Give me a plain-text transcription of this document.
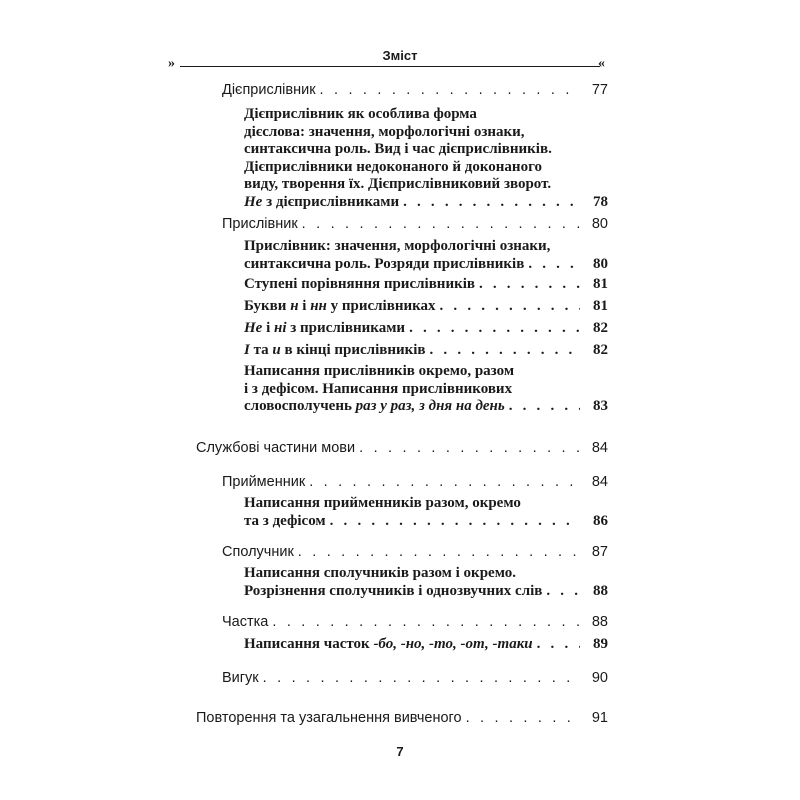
»
Зміст
«
Дієприслівник . . .	77
Дієприслівник як особлива форма
дієслова: значення, морфологічні ознаки,
синтаксична роль. Вид і час дієприслівників.
Дієприслівники недоконаного й доконаного
виду, творення їх. Дієприслівниковий зворот.
Не з дієприслівниками . . .	78
Прислівник . . .	80
Прислівник: значення, морфологічні ознаки,
синтаксична роль. Розряди прислівників . . .	80
Ступені порівняння прислівників . . .	81
Букви н і нн у прислівниках . . .	81
Не і ні з прислівниками . . .	82
І та и в кінці прислівників . . .	82
Написання прислівників окремо, разом
і з дефісом. Написання прислівникових
словосполучень раз у раз, з дня на день . . .	83
Службові частини мови . . .	84
Прийменник . . .	84
Написання прийменників разом, окремо
та з дефісом . . .	86
Сполучник . . .	87
Написання сполучників разом і окремо.
Розрізнення сполучників і однозвучних слів . . .	88
Частка . . .	88
Написання часток -бо, -но, -то, -от, -таки . . .	89
Вигук . . .	90
Повторення та узагальнення вивченого . . .	91
7
